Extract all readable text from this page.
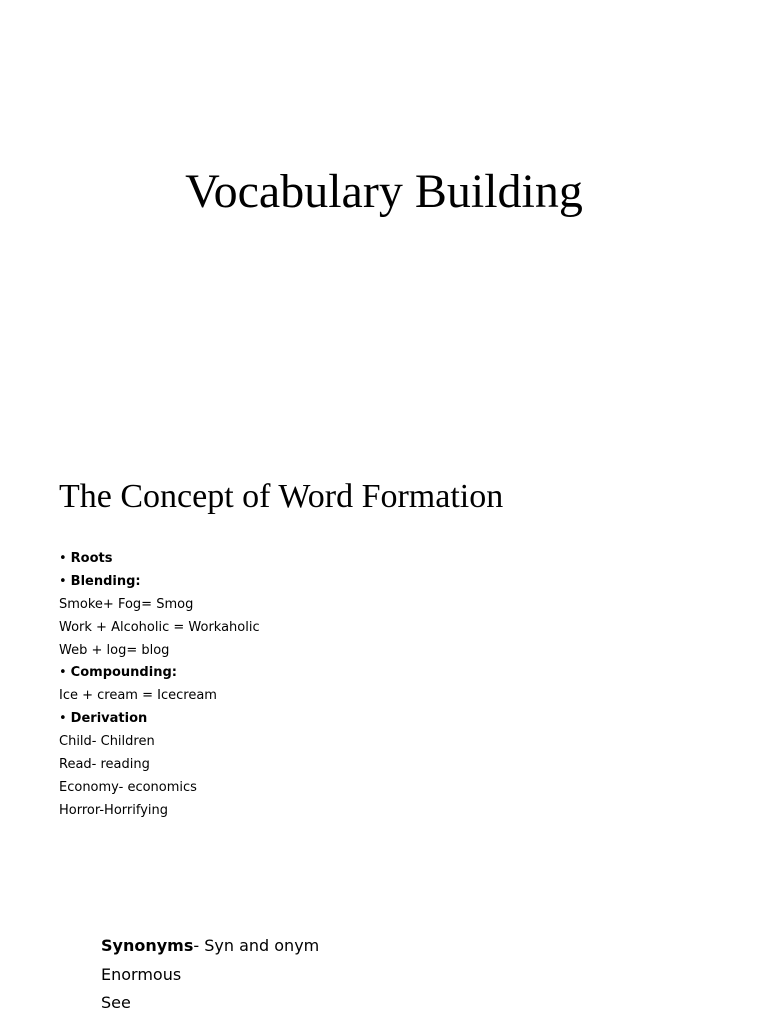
Vocabulary Building
The Concept of Word Formation
• Roots
• Blending:
Smoke+ Fog= Smog
Work + Alcoholic = Workaholic
Web + log= blog
• Compounding:
Ice + cream = Icecream
• Derivation
Child- Children
Read- reading
Economy- economics
Horror-Horrifying
Synonyms- Syn and onym
Enormous
See
